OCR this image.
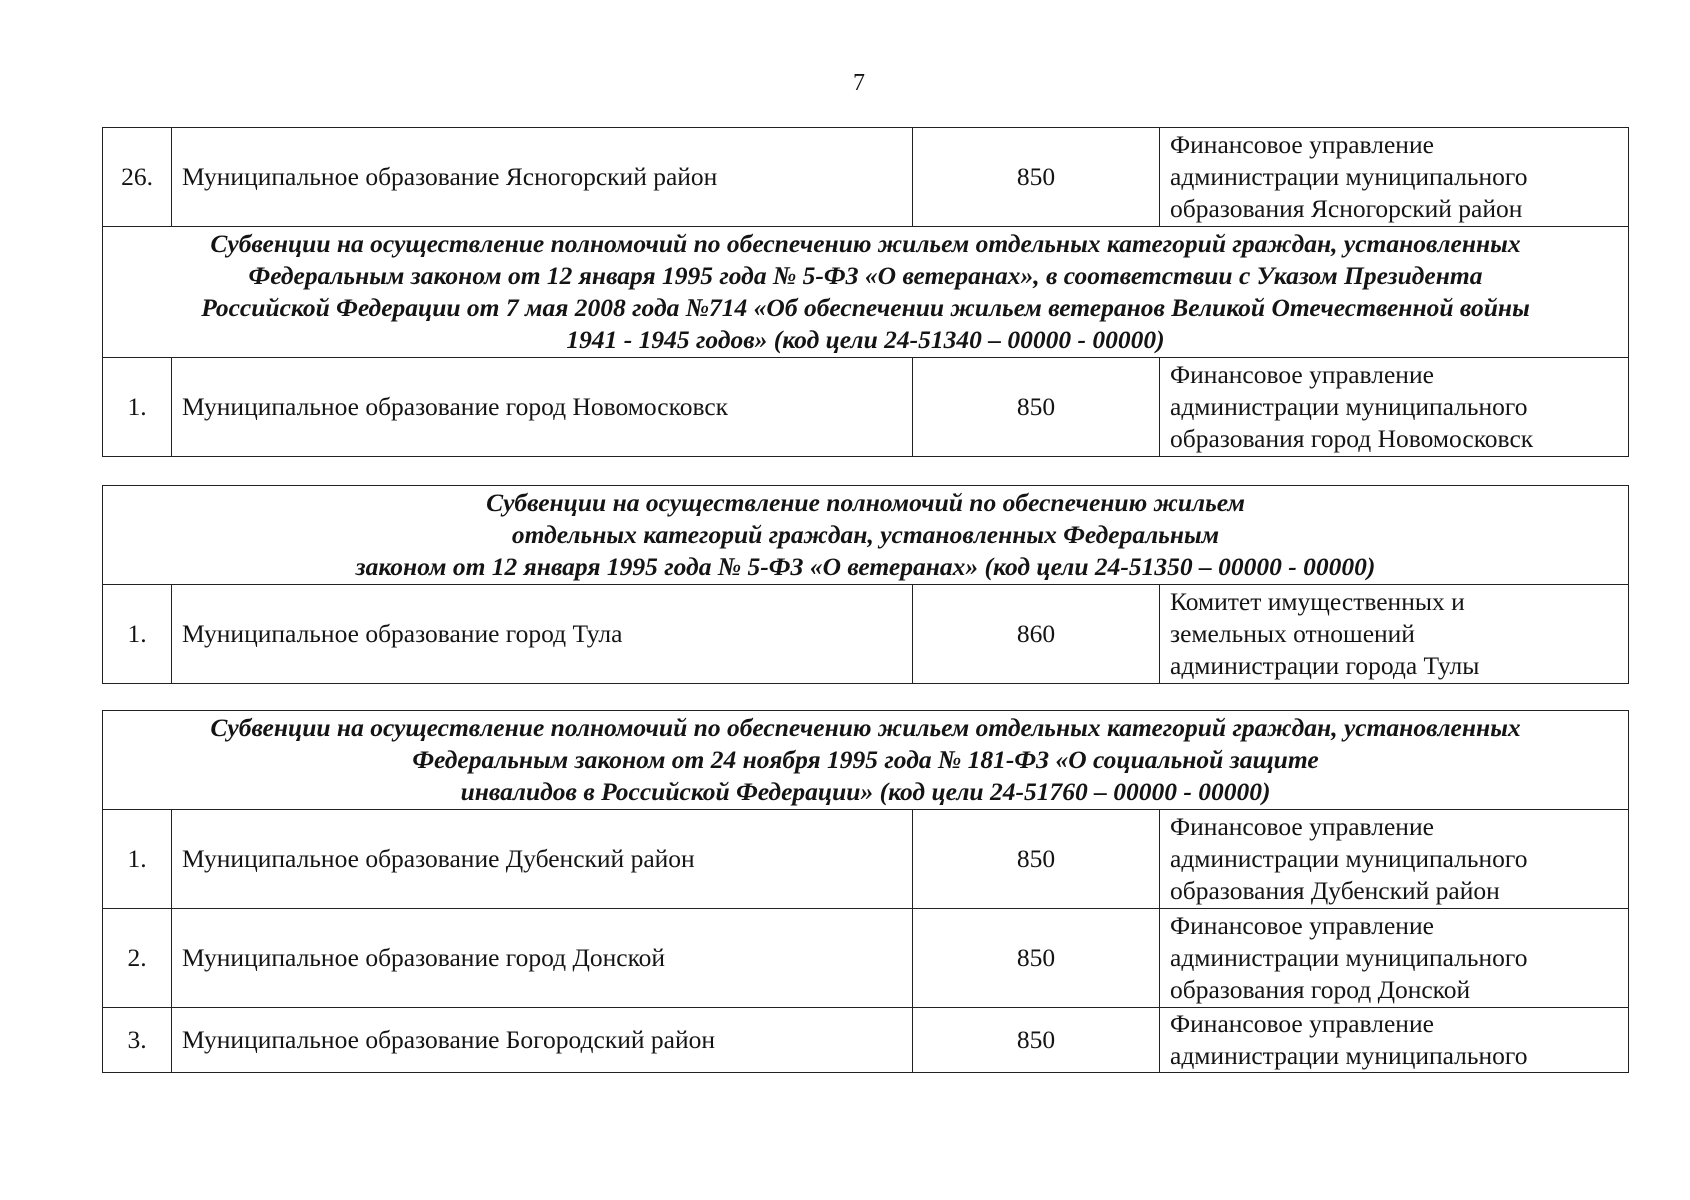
7
26.	Муниципальное образование Ясногорский район	850	Финансовое управление
администрации муниципального
образования Ясногорский район

Субвенции на осуществление полномочий по обеспечению жильем отдельных категорий граждан, установленных
Федеральным законом от 12 января 1995 года № 5-ФЗ «О ветеранах», в соответствии с Указом Президента
Российской Федерации от 7 мая 2008 года №714 «Об обеспечении жильем ветеранов Великой Отечественной войны
1941 - 1945 годов» (код цели 24-51340 – 00000 - 00000)			

1.	Муниципальное образование город Новомосковск	850	Финансовое управление
администрации муниципального
образования город Новомосковск
Субвенции на осуществление полномочий по обеспечению жильем
отдельных категорий граждан, установленных Федеральным
законом от 12 января 1995 года № 5-ФЗ «О ветеранах» (код цели 24-51350 – 00000 - 00000)

1.	Муниципальное образование город Тула	860	
Комитет имущественных и
земельных отношений
администрации города Тулы
Субвенции на осуществление полномочий по обеспечению жильем отдельных категорий граждан, установленных
Федеральным законом от 24 ноября 1995 года № 181-ФЗ «О социальной защите
инвалидов в Российской Федерации» (код цели 24-51760 – 00000 - 00000)			

1.	Муниципальное образование Дубенский район	850	Финансовое управление
администрации муниципального
образования Дубенский район

2.	Муниципальное образование город Донской	850	Финансовое управление
администрации муниципального
образования город Донской

3.	Муниципальное образование Богородский район	850	Финансовое управление
администрации муниципального
